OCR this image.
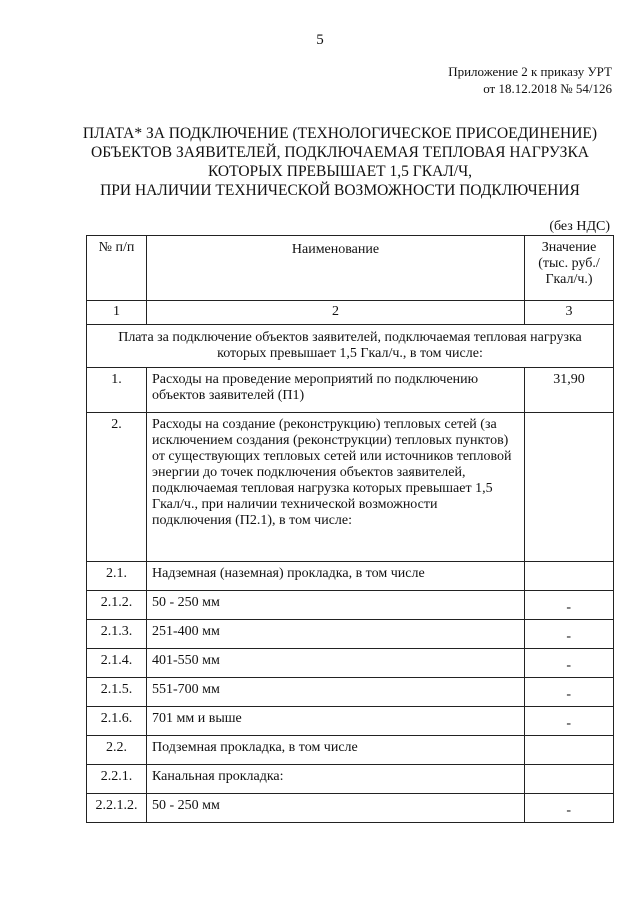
5
Приложение 2 к приказу УРТ
от 18.12.2018 № 54/126
ПЛАТА* ЗА ПОДКЛЮЧЕНИЕ (ТЕХНОЛОГИЧЕСКОЕ ПРИСОЕДИНЕНИЕ)
ОБЪЕКТОВ ЗАЯВИТЕЛЕЙ, ПОДКЛЮЧАЕМАЯ ТЕПЛОВАЯ НАГРУЗКА
КОТОРЫХ ПРЕВЫШАЕТ 1,5 ГКАЛ/Ч,
ПРИ НАЛИЧИИ ТЕХНИЧЕСКОЙ ВОЗМОЖНОСТИ ПОДКЛЮЧЕНИЯ
(без НДС)
№ п/п	Наименование	Значение (тыс. руб./Гкал/ч.)
1	2	3
Плата за подключение объектов заявителей, подключаемая тепловая нагрузка которых превышает 1,5 Гкал/ч., в том числе:		
1.	Расходы на проведение мероприятий по подключению объектов заявителей (П1)	31,90
2.	Расходы на создание (реконструкцию) тепловых сетей (за исключением создания (реконструкции) тепловых пунктов) от существующих тепловых сетей или источников тепловой энергии до точек подключения объектов заявителей, подключаемая тепловая нагрузка которых превышает 1,5 Гкал/ч., при наличии технической возможности подключения (П2.1), в том числе:	
2.1.	Надземная (наземная) прокладка, в том числе	
2.1.2.	50 - 250 мм	-
2.1.3.	251-400 мм	-
2.1.4.	401-550 мм	-
2.1.5.	551-700 мм	-
2.1.6.	701 мм и выше	-
2.2.	Подземная прокладка, в том числе	
2.2.1.	Канальная прокладка:	
2.2.1.2.	50 - 250 мм	-
